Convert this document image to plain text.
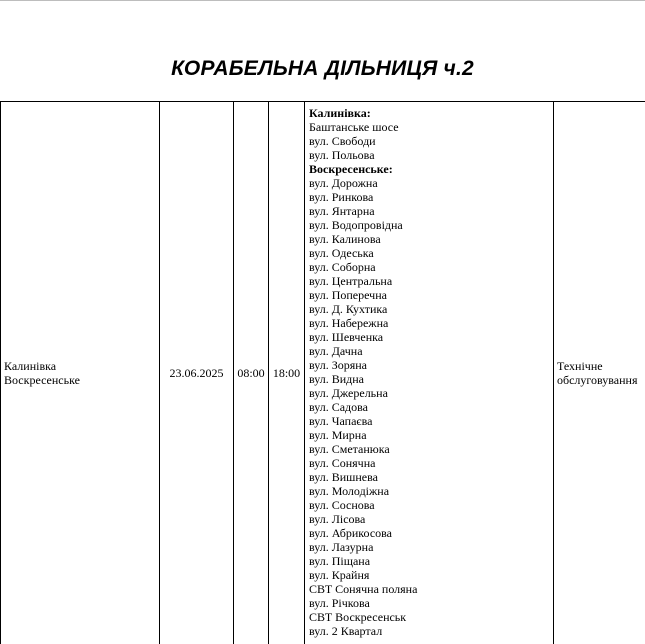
КОРАБЕЛЬНА ДІЛЬНИЦЯ ч.2
Калинівка
Воскресенське
23.06.2025 08:00 18:00
Калинівка:
Баштанське шосе
вул. Свободи
вул. Польова
Воскресенське:
вул. Дорожна
вул. Ринкова
вул. Янтарна
вул. Водопровідна
вул. Калинова
вул. Одеська
вул. Соборна
вул. Центральна
вул. Поперечна
вул. Д. Кухтика
вул. Набережна
вул. Шевченка
вул. Дачна
вул. Зоряна
вул. Видна
вул. Джерельна
вул. Садова
вул. Чапаєва
вул. Мирна
вул. Сметанюка
вул. Сонячна
вул. Вишнева
вул. Молодіжна
вул. Соснова
вул. Лісова
вул. Абрикосова
вул. Лазурна
вул. Піщана
вул. Крайня
СВТ Сонячна поляна
вул. Річкова
СВТ Воскресенськ
вул. 2 Квартал
Технічне
обслуговування
